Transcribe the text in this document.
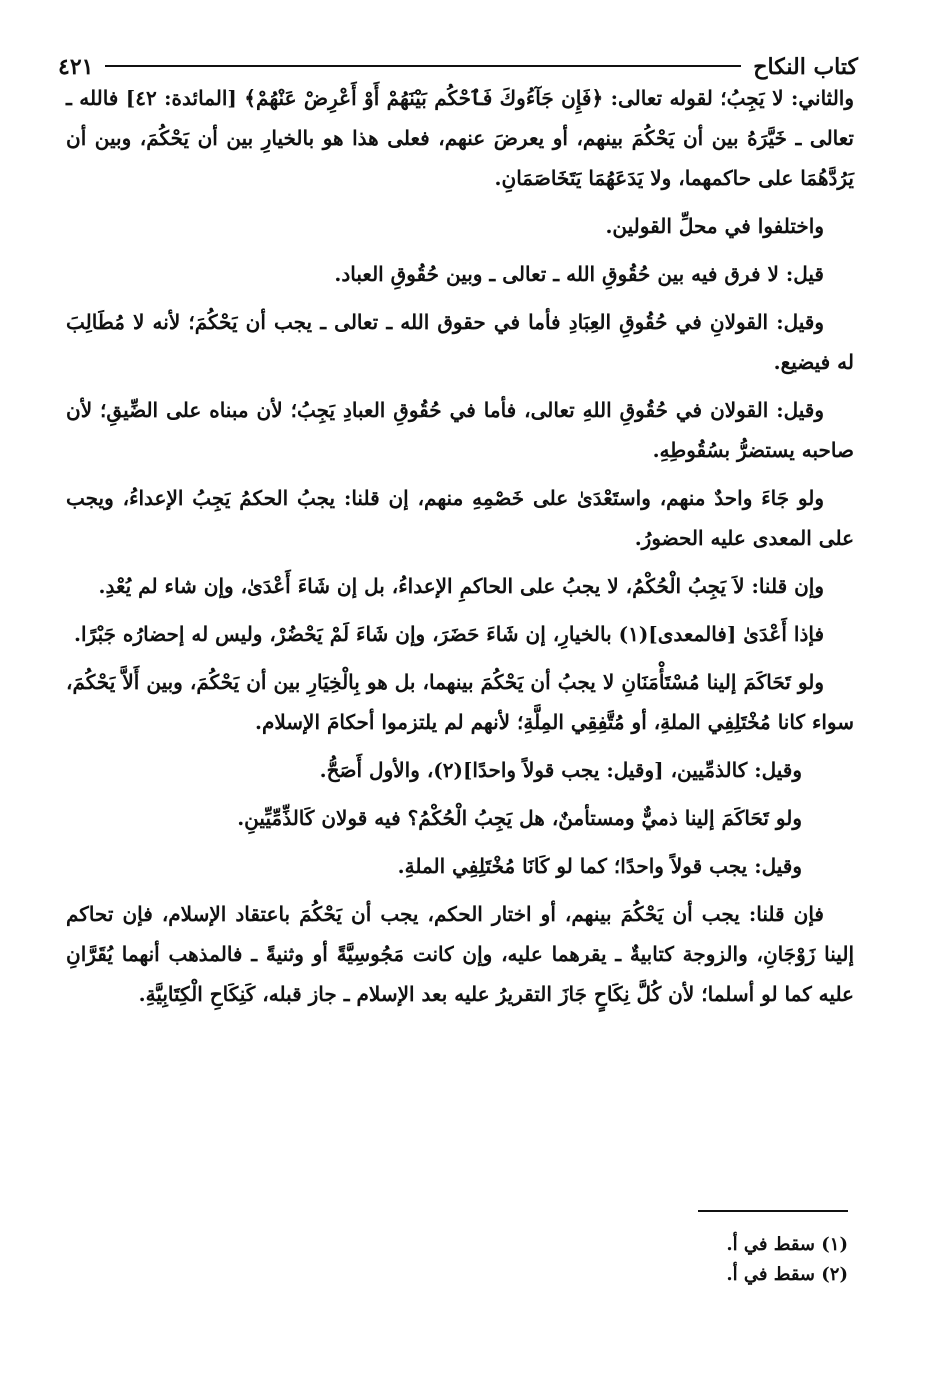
كتاب النكاح
٤٢١

والثاني: لا يَجِبُ؛ لقوله تعالى: ﴿فَإِن جَآءُوكَ فَٱحْكُم بَيْنَهُمْ أَوْ أَعْرِضْ عَنْهُمْ﴾ [المائدة: ٤٢] فالله ـ تعالى ـ خَيَّرَهُ بين أن يَحْكُمَ بينهم، أو يعرضَ عنهم، فعلى هذا هو بالخيارِ بين أن يَحْكُمَ، وبين أن يَرُدَّهُمَا على حاكمهما، ولا يَدَعَهُمَا يَتَخَاصَمَانِ.

واختلفوا في محلِّ القولين.

قيل: لا فرق فيه بين حُقُوقِ الله ـ تعالى ـ وبين حُقُوقِ العباد.

وقيل: القولانِ في حُقُوقِ العِبَادِ فأما في حقوق الله ـ تعالى ـ يجب أن يَحْكُمَ؛ لأنه لا مُطَالِبَ له فيضيع.

وقيل: القولان في حُقُوقِ اللهِ تعالى، فأما في حُقُوقِ العبادِ يَجِبُ؛ لأن مبناه على الضِّيقِ؛ لأن صاحبه يستضرُّ بسُقُوطِهِ.

ولو جَاءَ واحدٌ منهم، واستَعْدَىٰ على خَصْمِهِ منهم، إن قلنا: يجبُ الحكمُ يَجِبُ الإعداءُ، ويجب على المعدى عليه الحضورُ.

وإن قلنا: لاَ يَجِبُ الْحُكْمُ، لا يجبُ على الحاكمِ الإعداءُ، بل إن شَاءَ أَعْدَىٰ، وإن شاء لم يُعْدِ.

فإذا أَعْدَىٰ [فالمعدى](١) بالخيارِ، إن شَاءَ حَضَرَ، وإن شَاءَ لَمْ يَحْضُرْ، وليس له إحضارُه جَبْرًا.

ولو تَحَاكَمَ إلينا مُسْتَأْمَنَانِ لا يجبُ أن يَحْكُمَ بينهما، بل هو بِالْخِيَارِ بين أن يَحْكُمَ، وبين أَلاَّ يَحْكُمَ، سواء كانا مُخْتَلِفِي الملةِ، أو مُتَّفِقِي المِلَّةِ؛ لأنهم لم يلتزموا أحكامَ الإسلام.

وقيل: كالذمِّيين، [وقيل: يجب قولاً واحدًا](٢)، والأول أَصَحُّ.

ولو تَحَاكَمَ إلينا ذميٌّ ومستأمنٌ، هل يَجِبُ الْحُكْمُ؟ فيه قولان كَالذِّمِّيِّينِ.

وقيل: يجب قولاً واحدًا؛ كما لو كَانَا مُخْتَلِفِي الملةِ.

فإن قلنا: يجب أن يَحْكُمَ بينهم، أو اختار الحكم، يجب أن يَحْكُمَ باعتقاد الإسلام، فإن تحاكم إلينا زَوْجَانِ، والزوجة كتابيةٌ ـ يقرهما عليه، وإن كانت مَجُوسِيَّةً أو وثنيةً ـ فالمذهب أنهما يُقَرَّانِ عليه كما لو أسلما؛ لأن كُلَّ نِكَاحٍ جَازَ التقريرُ عليه بعد الإسلام ـ جاز قبله، كَنِكَاحِ الْكِتَابِيَّةِ.

(١) سقط في أ.

(٢) سقط في أ.
